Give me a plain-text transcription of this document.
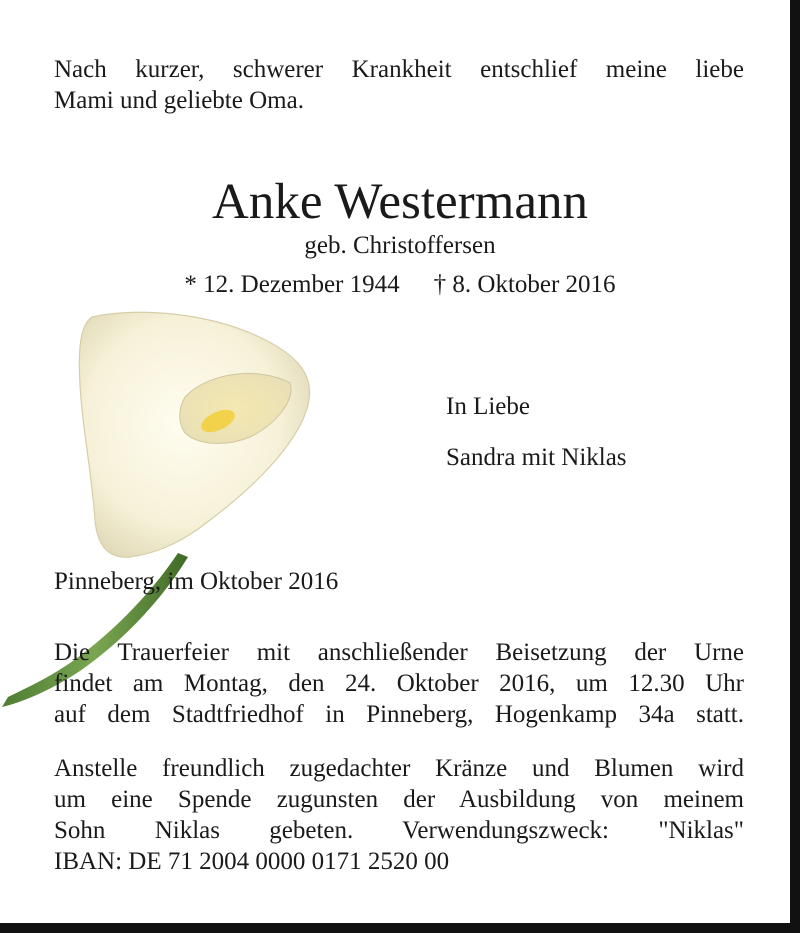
Nach kurzer, schwerer Krankheit entschlief meine liebe
Mami und geliebte Oma.

Anke Westermann
geb. Christoffersen
* 12. Dezember 1944 † 8. Oktober 2016

In Liebe

Sandra mit Niklas

Pinneberg, im Oktober 2016

Die Trauerfeier mit anschließender Beisetzung der Urne
findet am Montag, den 24. Oktober 2016, um 12.30 Uhr
auf dem Stadtfriedhof in Pinneberg, Hogenkamp 34a statt.

Anstelle freundlich zugedachter Kränze und Blumen wird
um eine Spende zugunsten der Ausbildung von meinem
Sohn Niklas gebeten. Verwendungszweck: "Niklas"
IBAN: DE 71 2004 0000 0171 2520 00
